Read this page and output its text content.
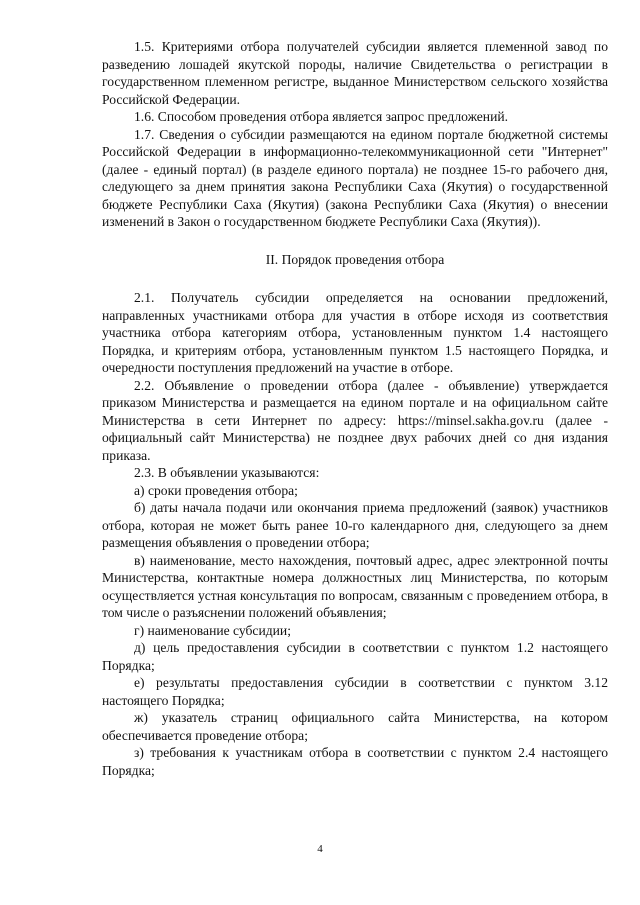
1.5. Критериями отбора получателей субсидии является племенной завод по разведению лошадей якутской породы, наличие Свидетельства о регистрации в государственном племенном регистре, выданное Министерством сельского хозяйства Российской Федерации.

1.6. Способом проведения отбора является запрос предложений.

1.7. Сведения о субсидии размещаются на едином портале бюджетной системы Российской Федерации в информационно-телекоммуникационной сети "Интернет" (далее - единый портал) (в разделе единого портала) не позднее 15-го рабочего дня, следующего за днем принятия закона Республики Саха (Якутия) о государственной бюджете Республики Саха (Якутия) (закона Республики Саха (Якутия) о внесении изменений в Закон о государственном бюджете Республики Саха (Якутия)).

II. Порядок проведения отбора

2.1. Получатель субсидии определяется на основании предложений, направленных участниками отбора для участия в отборе исходя из соответствия участника отбора категориям отбора, установленным пунктом 1.4 настоящего Порядка, и критериям отбора, установленным пунктом 1.5 настоящего Порядка, и очередности поступления предложений на участие в отборе.

2.2. Объявление о проведении отбора (далее - объявление) утверждается приказом Министерства и размещается на едином портале и на официальном сайте Министерства в сети Интернет по адресу: https://minsel.sakha.gov.ru (далее - официальный сайт Министерства) не позднее двух рабочих дней со дня издания приказа.

2.3. В объявлении указываются:

а) сроки проведения отбора;

б) даты начала подачи или окончания приема предложений (заявок) участников отбора, которая не может быть ранее 10-го календарного дня, следующего за днем размещения объявления о проведении отбора;

в) наименование, место нахождения, почтовый адрес, адрес электронной почты Министерства, контактные номера должностных лиц Министерства, по которым осуществляется устная консультация по вопросам, связанным с проведением отбора, в том числе о разъяснении положений объявления;

г) наименование субсидии;

д) цель предоставления субсидии в соответствии с пунктом 1.2 настоящего Порядка;

е) результаты предоставления субсидии в соответствии с пунктом 3.12 настоящего Порядка;

ж) указатель страниц официального сайта Министерства, на котором обеспечивается проведение отбора;

з) требования к участникам отбора в соответствии с пунктом 2.4 настоящего Порядка;

4
